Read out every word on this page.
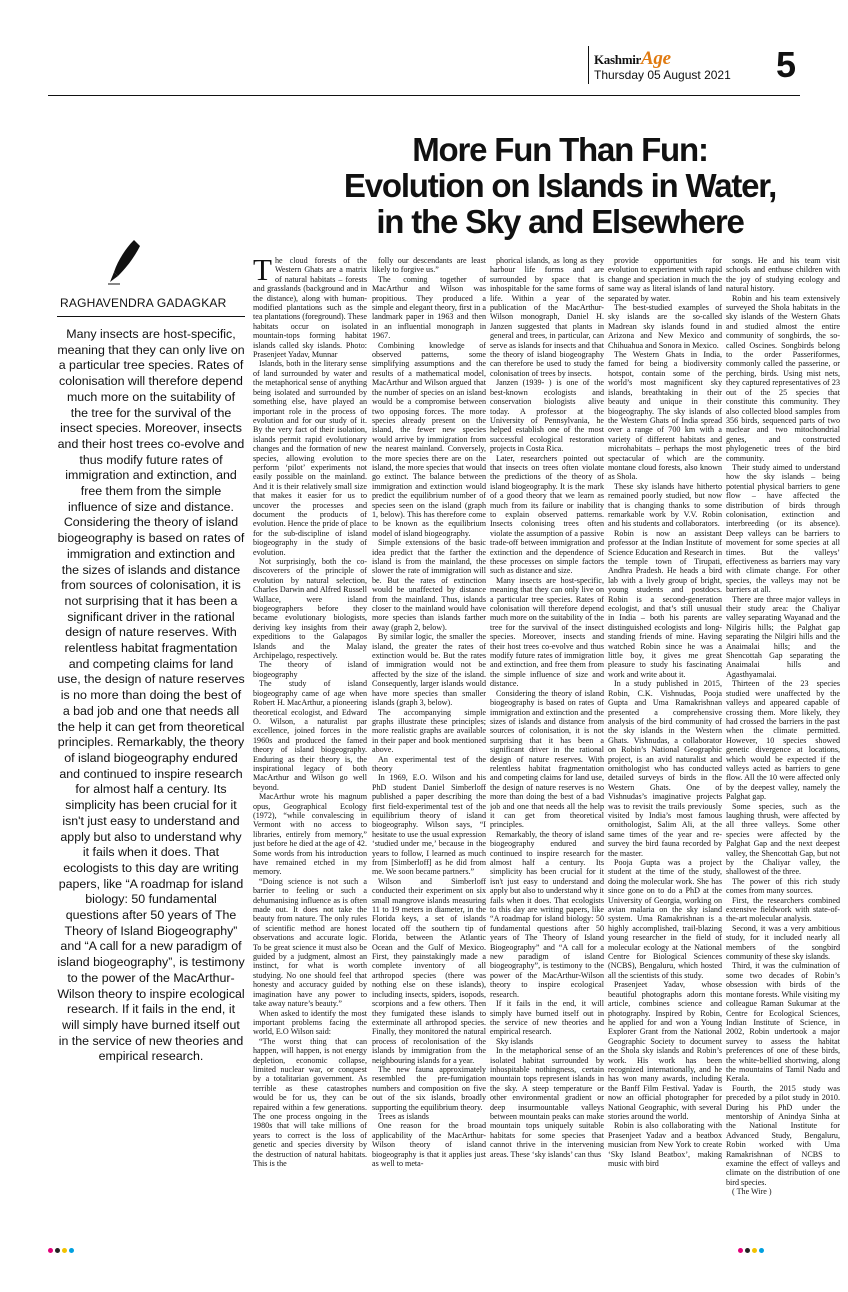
KashmirAge
Thursday 05 August 2021 5
More Fun Than Fun:
Evolution on Islands in Water,
in the Sky and Elsewhere
RAGHAVENDRA GADAGKAR
Many insects are host-specific, meaning that they can only live on a particular tree species. Rates of colonisation will therefore depend much more on the suitability of the tree for the survival of the insect species. Moreover, insects and their host trees co-evolve and thus modify future rates of immigration and extinction, and free them from the simple influence of size and distance. Considering the theory of island biogeography is based on rates of immigration and extinction and the sizes of islands and distance from sources of colonisation, it is not surprising that it has been a significant driver in the rational design of nature reserves. With relentless habitat fragmentation and competing claims for land use, the design of nature reserves is no more than doing the best of a bad job and one that needs all the help it can get from theoretical principles. Remarkably, the theory of island biogeography endured and continued to inspire research for almost half a century. Its simplicity has been crucial for it isn't just easy to understand and apply but also to understand why it fails when it does. That ecologists to this day are writing papers, like “A roadmap for island biology: 50 fundamental questions after 50 years of The Theory of Island Biogeography” and “A call for a new paradigm of island biogeography”, is testimony to the power of the MacArthur-Wilson theory to inspire ecological research. If it fails in the end, it will simply have burned itself out in the service of new theories and empirical research.

The cloud forests of the Western Ghats are a matrix of natural habitats – forests and grasslands (background and in the distance), along with human-modified plantations such as the tea plantations (foreground). These habitats occur on isolated mountain-tops forming habitat islands called sky islands. Photo: Prasenjeet Yadav, Munnar

Islands, both in the literary sense of land surrounded by water and the metaphorical sense of anything being isolated and surrounded by something else, have played an important role in the process of evolution and for our study of it. By the very fact of their isolation, islands permit rapid evolutionary changes and the formation of new species, allowing evolution to perform ‘pilot’ experiments not easily possible on the mainland. And it is their relatively small size that makes it easier for us to uncover the processes and document the products of evolution. Hence the pride of place for the sub-discipline of island biogeography in the study of evolution.

Not surprisingly, both the co-discoverers of the principle of evolution by natural selection, Charles Darwin and Alfred Russell Wallace, were island biogeographers before they became evolutionary biologists, deriving key insights from their expeditions to the Galapagos Islands and the Malay Archipelago, respectively.

The theory of island biogeography

The study of island biogeography came of age when Robert H. MacArthur, a pioneering theoretical ecologist, and Edward O. Wilson, a naturalist par excellence, joined forces in the 1960s and produced the famed theory of island biogeography. Enduring as their theory is, the inspirational legacy of both MacArthur and Wilson go well beyond.

MacArthur wrote his magnum opus, Geographical Ecology (1972), “while convalescing in Vermont with no access to libraries, entirely from memory,” just before he died at the age of 42. Some words from his introduction have remained etched in my memory.

“Doing science is not such a barrier to feeling or such a dehumanising influence as is often made out. It does not take the beauty from nature. The only rules of scientific method are honest observations and accurate logic. To be great science it must also be guided by a judgment, almost an instinct, for what is worth studying. No one should feel that honesty and accuracy guided by imagination have any power to take away nature’s beauty.”

When asked to identify the most important problems facing the world, E.O Wilson said:

“The worst thing that can happen, will happen, is not energy depletion, economic collapse, limited nuclear war, or conquest by a totalitarian government. As terrible as these catastrophes would be for us, they can be repaired within a few generations. The one process ongoing in the 1980s that will take millions of years to correct is the loss of genetic and species diversity by the destruction of natural habitats. This is the

folly our descendants are least likely to forgive us.”

The coming together of MacArthur and Wilson was propitious. They produced a simple and elegant theory, first in a landmark paper in 1963 and then in an influential monograph in 1967.

Combining knowledge of observed patterns, some simplifying assumptions and the results of a mathematical model, MacArthur and Wilson argued that the number of species on an island would be a compromise between two opposing forces. The more species already present on the island, the fewer new species would arrive by immigration from the nearest mainland. Conversely, the more species there are on the island, the more species that would go extinct. The balance between immigration and extinction would predict the equilibrium number of species seen on the island (graph 1, below). This has therefore come to be known as the equilibrium model of island biogeography.

Simple extensions of the basic idea predict that the farther the island is from the mainland, the slower the rate of immigration will be. But the rates of extinction would be unaffected by distance from the mainland. Thus, islands closer to the mainland would have more species than islands farther away (graph 2, below).

By similar logic, the smaller the island, the greater the rates of extinction would be. But the rates of immigration would not be affected by the size of the island. Consequently, larger islands would have more species than smaller islands (graph 3, below).

The accompanying simple graphs illustrate these principles; more realistic graphs are available in their paper and book mentioned above.

An experimental test of the theory

In 1969, E.O. Wilson and his PhD student Daniel Simberloff published a paper describing the first field-experimental test of the equilibrium theory of island biogeography. Wilson says, “I hesitate to use the usual expression ‘studied under me,’ because in the years to follow, I learned as much from [Simberloff] as he did from me. We soon became partners.”

Wilson and Simberloff conducted their experiment on six small mangrove islands measuring 11 to 19 meters in diameter, in the Florida keys, a set of islands located off the southern tip of Florida, between the Atlantic Ocean and the Gulf of Mexico. First, they painstakingly made a complete inventory of all arthropod species (there was nothing else on these islands), including insects, spiders, isopods, scorpions and a few others. Then they fumigated these islands to exterminate all arthropod species. Finally, they monitored the natural process of recolonisation of the islands by immigration from the neighbouring islands for a year.

The new fauna approximately resembled the pre-fumigation numbers and composition on five out of the six islands, broadly supporting the equilibrium theory.

Trees as islands

One reason for the broad applicability of the MacArthur-Wilson theory of island biogeography is that it applies just as well to meta-

phorical islands, as long as they harbour life forms and are surrounded by space that is inhospitable for the same forms of life. Within a year of the publication of the MacArthur-Wilson monograph, Daniel H. Janzen suggested that plants in general and trees, in particular, can serve as islands for insects and that the theory of island biogeography can therefore be used to study the colonisation of trees by insects.

Janzen (1939- ) is one of the best-known ecologists and conservation biologists alive today. A professor at the University of Pennsylvania, he helped establish one of the most successful ecological restoration projects in Costa Rica.

Later, researchers pointed out that insects on trees often violate the predictions of the theory of island biogeography. It is the mark of a good theory that we learn as much from its failure or inability to explain observed patterns. Insects colonising trees often violate the assumption of a passive trade-off between immigration and extinction and the dependence of these processes on simple factors such as distance and size.

Many insects are host-specific, meaning that they can only live on a particular tree species. Rates of colonisation will therefore depend much more on the suitability of the tree for the survival of the insect species. Moreover, insects and their host trees co-evolve and thus modify future rates of immigration and extinction, and free them from the simple influence of size and distance.

Considering the theory of island biogeography is based on rates of immigration and extinction and the sizes of islands and distance from sources of colonisation, it is not surprising that it has been a significant driver in the rational design of nature reserves. With relentless habitat fragmentation and competing claims for land use, the design of nature reserves is no more than doing the best of a bad job and one that needs all the help it can get from theoretical principles.

Remarkably, the theory of island biogeography endured and continued to inspire research for almost half a century. Its simplicity has been crucial for it isn't just easy to understand and apply but also to understand why it fails when it does. That ecologists to this day are writing papers, like “A roadmap for island biology: 50 fundamental questions after 50 years of The Theory of Island Biogeography” and “A call for a new paradigm of island biogeography”, is testimony to the power of the MacArthur-Wilson theory to inspire ecological research.

If it fails in the end, it will simply have burned itself out in the service of new theories and empirical research.

Sky islands

In the metaphorical sense of an isolated habitat surrounded by inhospitable nothingness, certain mountain tops represent islands in the sky. A steep temperature or other environmental gradient or deep insurmountable valleys between mountain peaks can make mountain tops uniquely suitable habitats for some species that cannot thrive in the intervening areas. These ‘sky islands’ can thus

provide opportunities for evolution to experiment with rapid change and speciation in much the same way as literal islands of land separated by water.

The best-studied examples of sky islands are the so-called Madrean sky islands found in Arizona and New Mexico and Chihuahua and Sonora in Mexico.

The Western Ghats in India, famed for being a biodiversity hotspot, contain some of the world’s most magnificent sky islands, breathtaking in their beauty and unique in their biogeography. The sky islands of the Western Ghats of India spread over a range of 700 km with a variety of different habitats and microhabitats – perhaps the most spectacular of which are the montane cloud forests, also known as Shola.

These sky islands have hitherto remained poorly studied, but now that is changing thanks to some remarkable work by V.V. Robin and his students and collaborators.

Robin is now an assistant professor at the Indian Institute of Science Education and Research in the temple town of Tirupati, Andhra Pradesh. He heads a bird lab with a lively group of bright, young students and postdocs. Robin is a second-generation ecologist, and that’s still unusual in India – both his parents are distinguished ecologists and long-standing friends of mine. Having watched Robin since he was a little boy, it gives me great pleasure to study his fascinating work and write about it.

In a study published in 2015, Robin, C.K. Vishnudas, Pooja Gupta and Uma Ramakrishnan presented a comprehensive analysis of the bird community of the sky islands in the Western Ghats. Vishnudas, a collaborator on Robin’s National Geographic project, is an avid naturalist and ornithologist who has conducted detailed surveys of birds in the Western Ghats. One of Vishnudas’s imaginative projects was to revisit the trails previously visited by India’s most famous ornithologist, Salim Ali, at the same times of the year and re-survey the bird fauna recorded by the master.

Pooja Gupta was a project student at the time of the study, doing the molecular work. She has since gone on to do a PhD at the University of Georgia, working on avian malaria on the sky island system. Uma Ramakrishnan is a highly accomplished, trail-blazing young researcher in the field of molecular ecology at the National Centre for Biological Sciences (NCBS), Bengaluru, which hosted all the scientists of this study.

Prasenjeet Yadav, whose beautiful photographs adorn this article, combines science and photography. Inspired by Robin, he applied for and won a Young Explorer Grant from the National Geographic Society to document the Shola sky islands and Robin’s work. His work has been recognized internationally, and he has won many awards, including the Banff Film Festival. Yadav is now an official photographer for National Geographic, with several stories around the world.

Robin is also collaborating with Prasenjeet Yadav and a beatbox musician from New York to create ‘Sky Island Beatbox’, making music with bird

songs. He and his team visit schools and enthuse children with the joy of studying ecology and natural history.

Robin and his team extensively surveyed the Shola habitats in the sky islands of the Western Ghats and studied almost the entire community of songbirds, the so-called Oscines. Songbirds belong to the order Passeriformes, commonly called the passerine, or perching, birds. Using mist nets, they captured representatives of 23 out of the 25 species that constitute this community. They also collected blood samples from 356 birds, sequenced parts of two nuclear and two mitochondrial genes, and constructed phylogenetic trees of the bird community.

Their study aimed to understand how the sky islands – being potential physical barriers to gene flow – have affected the distribution of birds through colonisation, extinction and interbreeding (or its absence). Deep valleys can be barriers to movement for some species at all times. But the valleys’ effectiveness as barriers may vary with climate change. For other species, the valleys may not be barriers at all.

There are three major valleys in their study area: the Chaliyar valley separating Wayanad and the Nilgiris hills; the Palghat gap separating the Nilgiri hills and the Anaimalai hills; and the Shencottah Gap separating the Anaimalai hills and Agasthyamalai.

Thirteen of the 23 species studied were unaffected by the valleys and appeared capable of crossing them. More likely, they had crossed the barriers in the past when the climate permitted. However, 10 species showed genetic divergence at locations, which would be expected if the valleys acted as barriers to gene flow. All the 10 were affected only by the deepest valley, namely the Palghat gap.

Some species, such as the laughing thrush, were affected by all three valleys. Some other species were affected by the Palghat Gap and the next deepest valley, the Shencottah Gap, but not by the Chaliyar valley, the shallowest of the three.

The power of this rich study comes from many sources.

First, the researchers combined extensive fieldwork with state-of-the-art molecular analysis.

Second, it was a very ambitious study, for it included nearly all members of the songbird community of these sky islands.

Third, it was the culmination of some two decades of Robin’s obsession with birds of the montane forests. While visiting my colleague Raman Sukumar at the Centre for Ecological Sciences, Indian Institute of Science, in 2002, Robin undertook a major survey to assess the habitat preferences of one of these birds, the white-bellied shortwing, along the mountains of Tamil Nadu and Kerala.

Fourth, the 2015 study was preceded by a pilot study in 2010. During his PhD under the mentorship of Anindya Sinha at the National Institute for Advanced Study, Bengaluru, Robin worked with Uma Ramakrishnan of NCBS to examine the effect of valleys and climate on the distribution of one bird species.

( The Wire )
